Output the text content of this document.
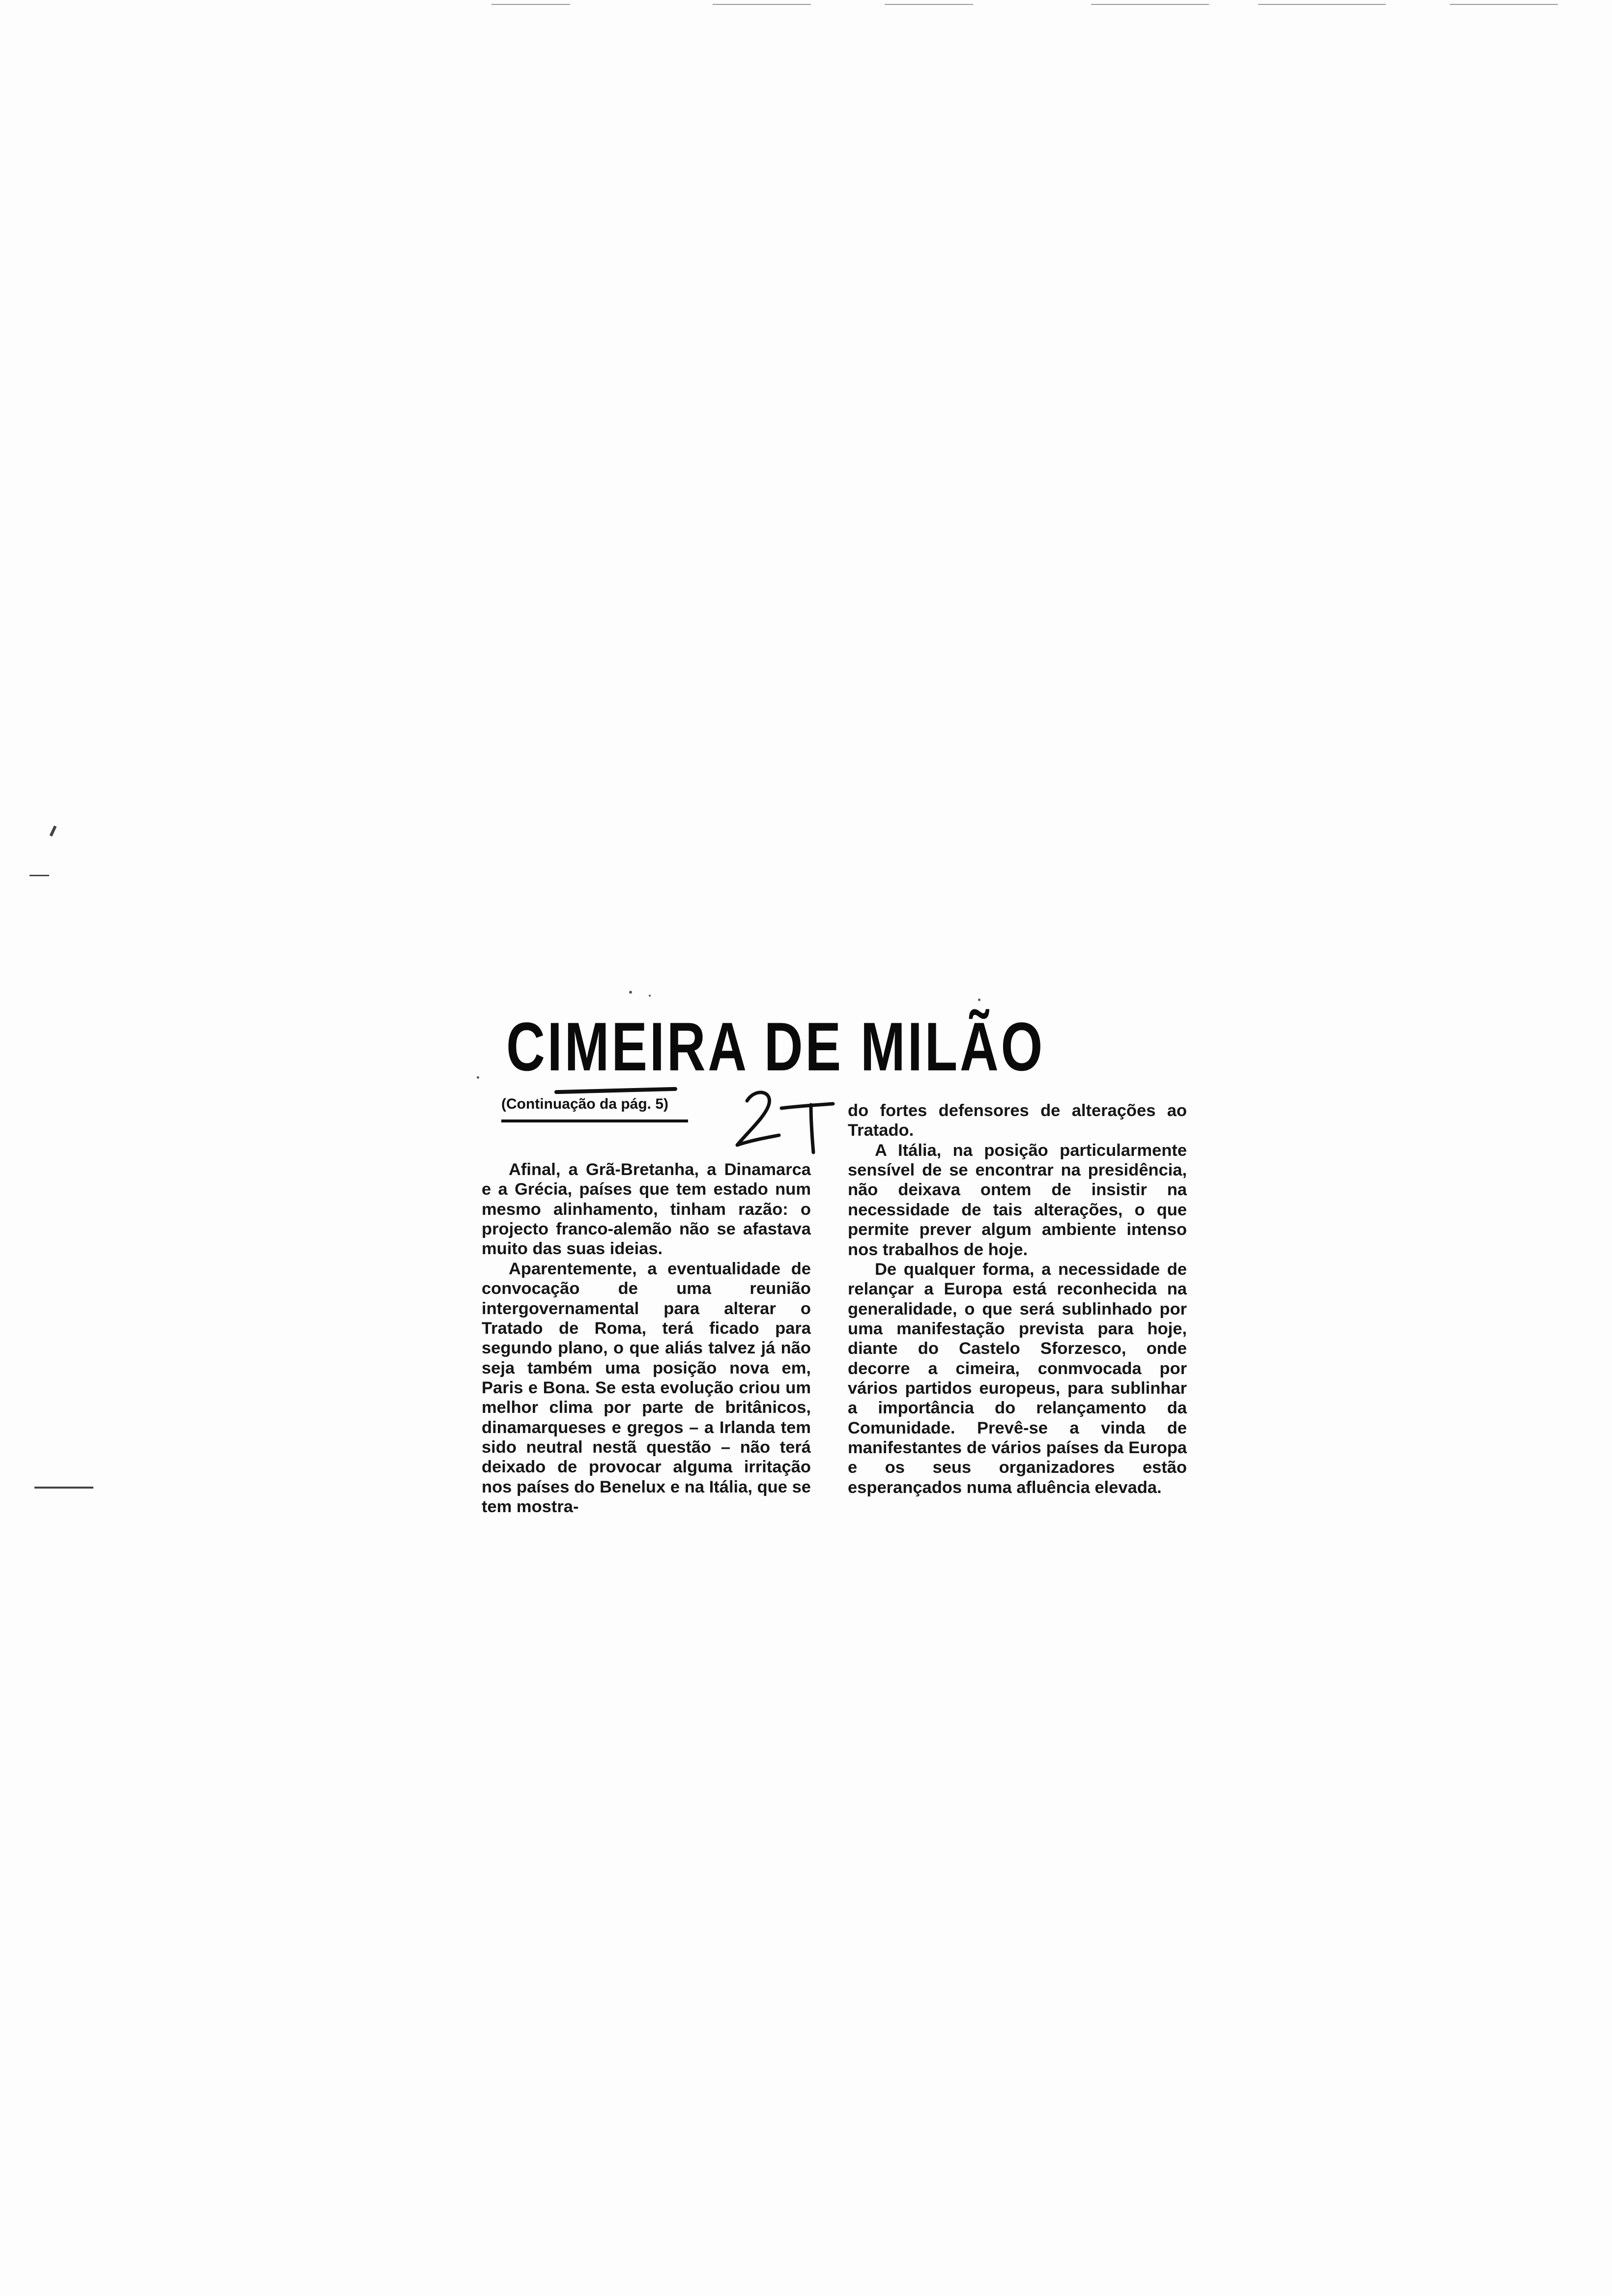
CIMEIRA DE MILÃO
(Continuação da pág. 5)

Afinal, a Grã-Bretanha, a Dinamarca e a Grécia, países que tem estado num mesmo alinhamento, tinham razão: o projecto franco-alemão não se afastava muito das suas ideias.

Aparentemente, a eventualidade de convocação de uma reunião intergovernamental para alterar o Tratado de Roma, terá ficado para segundo plano, o que aliás talvez já não seja também uma posição nova em, Paris e Bona. Se esta evolução criou um melhor clima por parte de britânicos, dinamarqueses e gregos – a Irlanda tem sido neutral nestã questão – não terá deixado de provocar alguma irritação nos países do Benelux e na Itália, que se tem mostra-

do fortes defensores de alterações ao Tratado.

A Itália, na posição particularmente sensível de se encontrar na presidência, não deixava ontem de insistir na necessidade de tais alterações, o que permite prever algum ambiente intenso nos trabalhos de hoje.

De qualquer forma, a necessidade de relançar a Europa está reconhecida na generalidade, o que será sublinhado por uma manifestação prevista para hoje, diante do Castelo Sforzesco, onde decorre a cimeira, conmvocada por vários partidos europeus, para sublinhar a importância do relançamento da Comunidade. Prevê-se a vinda de manifestantes de vários países da Europa e os seus organizadores estão esperançados numa afluência elevada.
